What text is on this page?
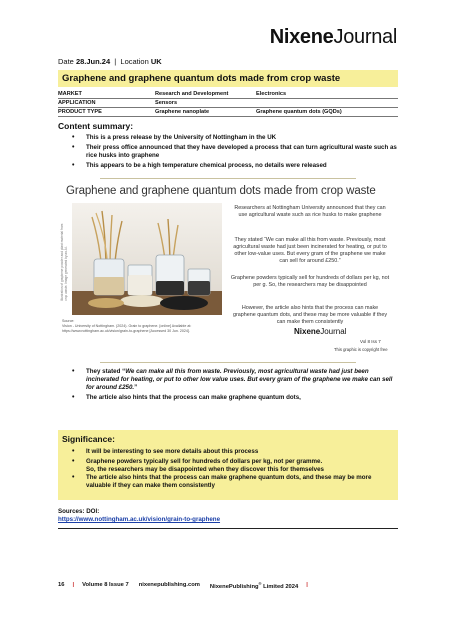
NixeneJournal
Date 28.Jun.24 | Location UK
Graphene and graphene quantum dots made from crop waste
MARKET	Research and Development	Electronics
APPLICATION	Sensors
PRODUCT TYPE	Graphene nanoplate	Graphene quantum dots (GQDs)
Content summary:
• This is a press release by the University of Nottingham in the UK
• Their press office announced that they have developed a process that can turn agricultural waste such as rice husks into graphene
• This appears to be a high temperature chemical process, no details were released
Graphene and graphene quantum dots made from crop waste
Illustration of graphene powder and plant material from crop waste. Image generated by an AI.
Researchers at Nottingham University announced that they can use agricultural waste such as rice husks to make graphene
They stated “We can make all this from waste. Previously, most agricultural waste had just been incinerated for heating, or put to other low-value uses. But every gram of the graphene we make can sell for around £250.”
Graphene powders typically sell for hundreds of dollars per kg, not per g. So, the researchers may be disappointed
However, the article also hints that the process can make graphene quantum dots, and these may be more valuable if they can make them consistently
Source:
Vision - University of Nottingham. (2024). Grain to graphene. [online] Available at: https://www.nottingham.ac.uk/vision/grain-to-graphene [Accessed 30 Jun. 2024].	NixeneJournal
Vol 8 Iss 7
This graphic is copyright free
• They stated “We can make all this from waste. Previously, most agricultural waste had just been incinerated for heating, or put to other low value uses. But every gram of the graphene we make can sell for around £250.”
• The article also hints that the process can make graphene quantum dots,
Significance:
• It will be interesting to see more details about this process
• Graphene powders typically sell for hundreds of dollars per kg, not per gramme.
So, the researchers may be disappointed when they discover this for themselves
• The article also hints that the process can make graphene quantum dots, and these may be more valuable if they can make them consistently
Sources: DOI:
https://www.nottingham.ac.uk/vision/grain-to-graphene
16 | Volume 8 Issue 7 nixenepublishing.com NixenePublishing® Limited 2024 |
